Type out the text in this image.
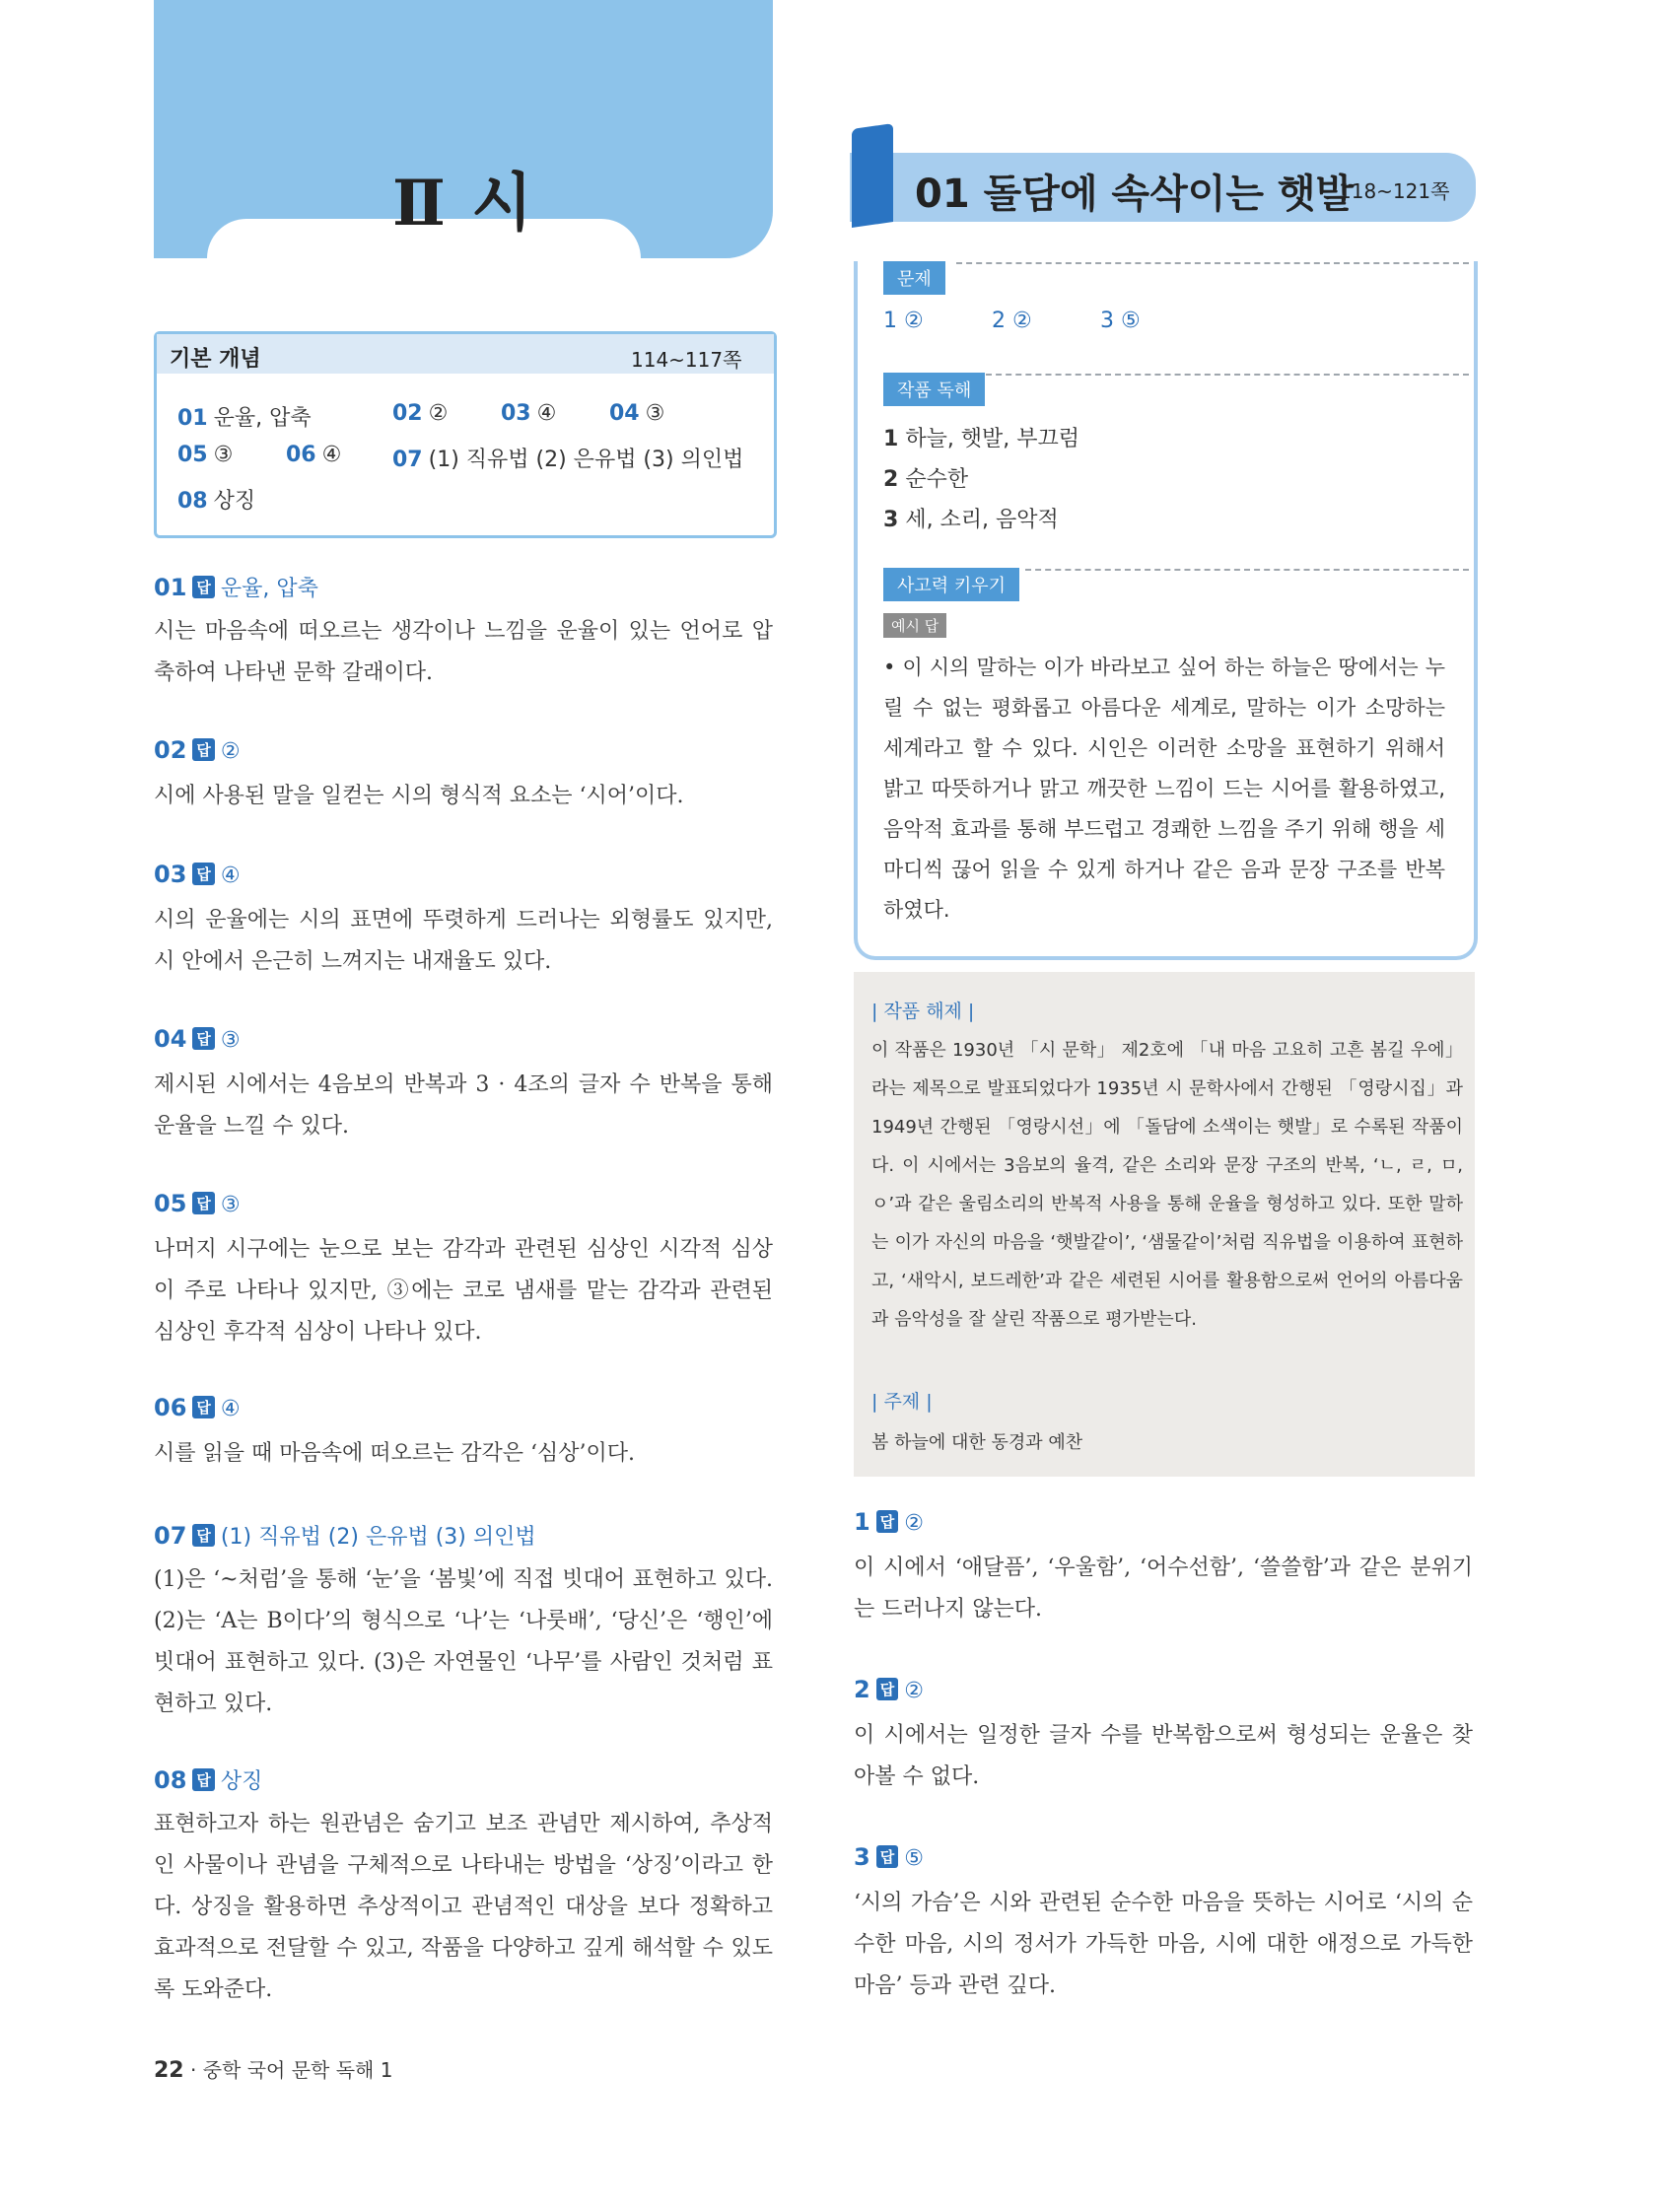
Ⅱ 시
기본 개념	114~117쪽
01 운율, 압축	02 ② 03 ④ 04 ③
05 ③ 06 ④ 07 (1) 직유법 (2) 은유법 (3) 의인법
08 상징
01 답 운율, 압축
시는 마음속에 떠오르는 생각이나 느낌을 운율이 있는 언어로 압축하여 나타낸 문학 갈래이다.
02 답 ②
시에 사용된 말을 일컫는 시의 형식적 요소는 ‘시어’이다.
03 답 ④
시의 운율에는 시의 표면에 뚜렷하게 드러나는 외형률도 있지만, 시 안에서 은근히 느껴지는 내재율도 있다.
04 답 ③
제시된 시에서는 4음보의 반복과 3 · 4조의 글자 수 반복을 통해 운율을 느낄 수 있다.
05 답 ③
나머지 시구에는 눈으로 보는 감각과 관련된 심상인 시각적 심상이 주로 나타나 있지만, ③에는 코로 냄새를 맡는 감각과 관련된 심상인 후각적 심상이 나타나 있다.
06 답 ④
시를 읽을 때 마음속에 떠오르는 감각은 ‘심상’이다.
07 답 (1) 직유법 (2) 은유법 (3) 의인법
(1)은 ‘~처럼’을 통해 ‘눈’을 ‘봄빛’에 직접 빗대어 표현하고 있다. (2)는 ‘A는 B이다’의 형식으로 ‘나’는 ‘나룻배’, ‘당신’은 ‘행인’에 빗대어 표현하고 있다. (3)은 자연물인 ‘나무’를 사람인 것처럼 표현하고 있다.
08 답 상징
표현하고자 하는 원관념은 숨기고 보조 관념만 제시하여, 추상적인 사물이나 관념을 구체적으로 나타내는 방법을 ‘상징’이라고 한다. 상징을 활용하면 추상적이고 관념적인 대상을 보다 정확하고 효과적으로 전달할 수 있고, 작품을 다양하고 깊게 해석할 수 있도록 도와준다.
01 돌담에 속삭이는 햇발
118~121쪽
문제
1 ②	2 ②	3 ⑤
작품 독해
1 하늘, 햇발, 부끄럼
2 순수한
3 세, 소리, 음악적
사고력 키우기
예시 답
• 이 시의 말하는 이가 바라보고 싶어 하는 하늘은 땅에서는 누릴 수 없는 평화롭고 아름다운 세계로, 말하는 이가 소망하는 세계라고 할 수 있다. 시인은 이러한 소망을 표현하기 위해서 밝고 따뜻하거나 맑고 깨끗한 느낌이 드는 시어를 활용하였고, 음악적 효과를 통해 부드럽고 경쾌한 느낌을 주기 위해 행을 세 마디씩 끊어 읽을 수 있게 하거나 같은 음과 문장 구조를 반복하였다.
| 작품 해제 |
이 작품은 1930년 「시 문학」 제2호에 「내 마음 고요히 고흔 봄길 우에」라는 제목으로 발표되었다가 1935년 시 문학사에서 간행된 「영랑시집」과 1949년 간행된 「영랑시선」에 「돌담에 소색이는 햇발」로 수록된 작품이다. 이 시에서는 3음보의 율격, 같은 소리와 문장 구조의 반복, ‘ㄴ, ㄹ, ㅁ, ㅇ’과 같은 울림소리의 반복적 사용을 통해 운율을 형성하고 있다. 또한 말하는 이가 자신의 마음을 ‘햇발같이’, ‘샘물같이’처럼 직유법을 이용하여 표현하고, ‘새악시, 보드레한’과 같은 세련된 시어를 활용함으로써 언어의 아름다움과 음악성을 잘 살린 작품으로 평가받는다.
| 주제 |
봄 하늘에 대한 동경과 예찬
1 답 ②
이 시에서 ‘애달픔’, ‘우울함’, ‘어수선함’, ‘쓸쓸함’과 같은 분위기는 드러나지 않는다.
2 답 ②
이 시에서는 일정한 글자 수를 반복함으로써 형성되는 운율은 찾아볼 수 없다.
3 답 ⑤
‘시의 가슴’은 시와 관련된 순수한 마음을 뜻하는 시어로 ‘시의 순수한 마음, 시의 정서가 가득한 마음, 시에 대한 애정으로 가득한 마음’ 등과 관련 깊다.
22 · 중학 국어 문학 독해 1
